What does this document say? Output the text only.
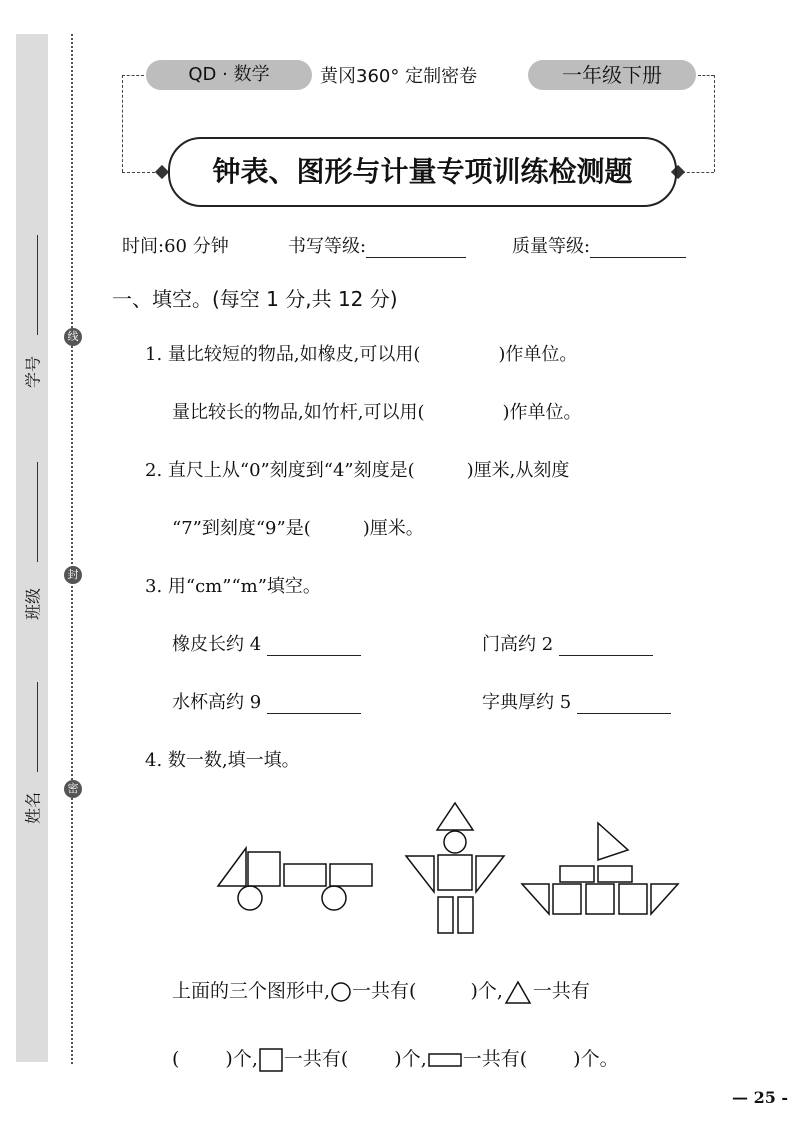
学号
班级
姓名
线
封
密
QD · 数学	黄冈360° 定制密卷	一年级下册
钟表、图形与计量专项训练检测题
时间:60 分钟	书写等级:	质量等级:
一、填空。(每空 1 分,共 12 分)
1. 量比较短的物品,如橡皮,可以用(	)作单位。
量比较长的物品,如竹杆,可以用(	)作单位。
2. 直尺上从“0”刻度到“4”刻度是(	)厘米,从刻度
“7”到刻度“9”是(	)厘米。
3. 用“cm”“m”填空。
橡皮长约 4	门高约 2
水杯高约 9	字典厚约 5
4. 数一数,填一填。
上面的三个图形中, 一共有(	)个, 一共有
( )个, 一共有( )个, 一共有( )个。
— 25 -
